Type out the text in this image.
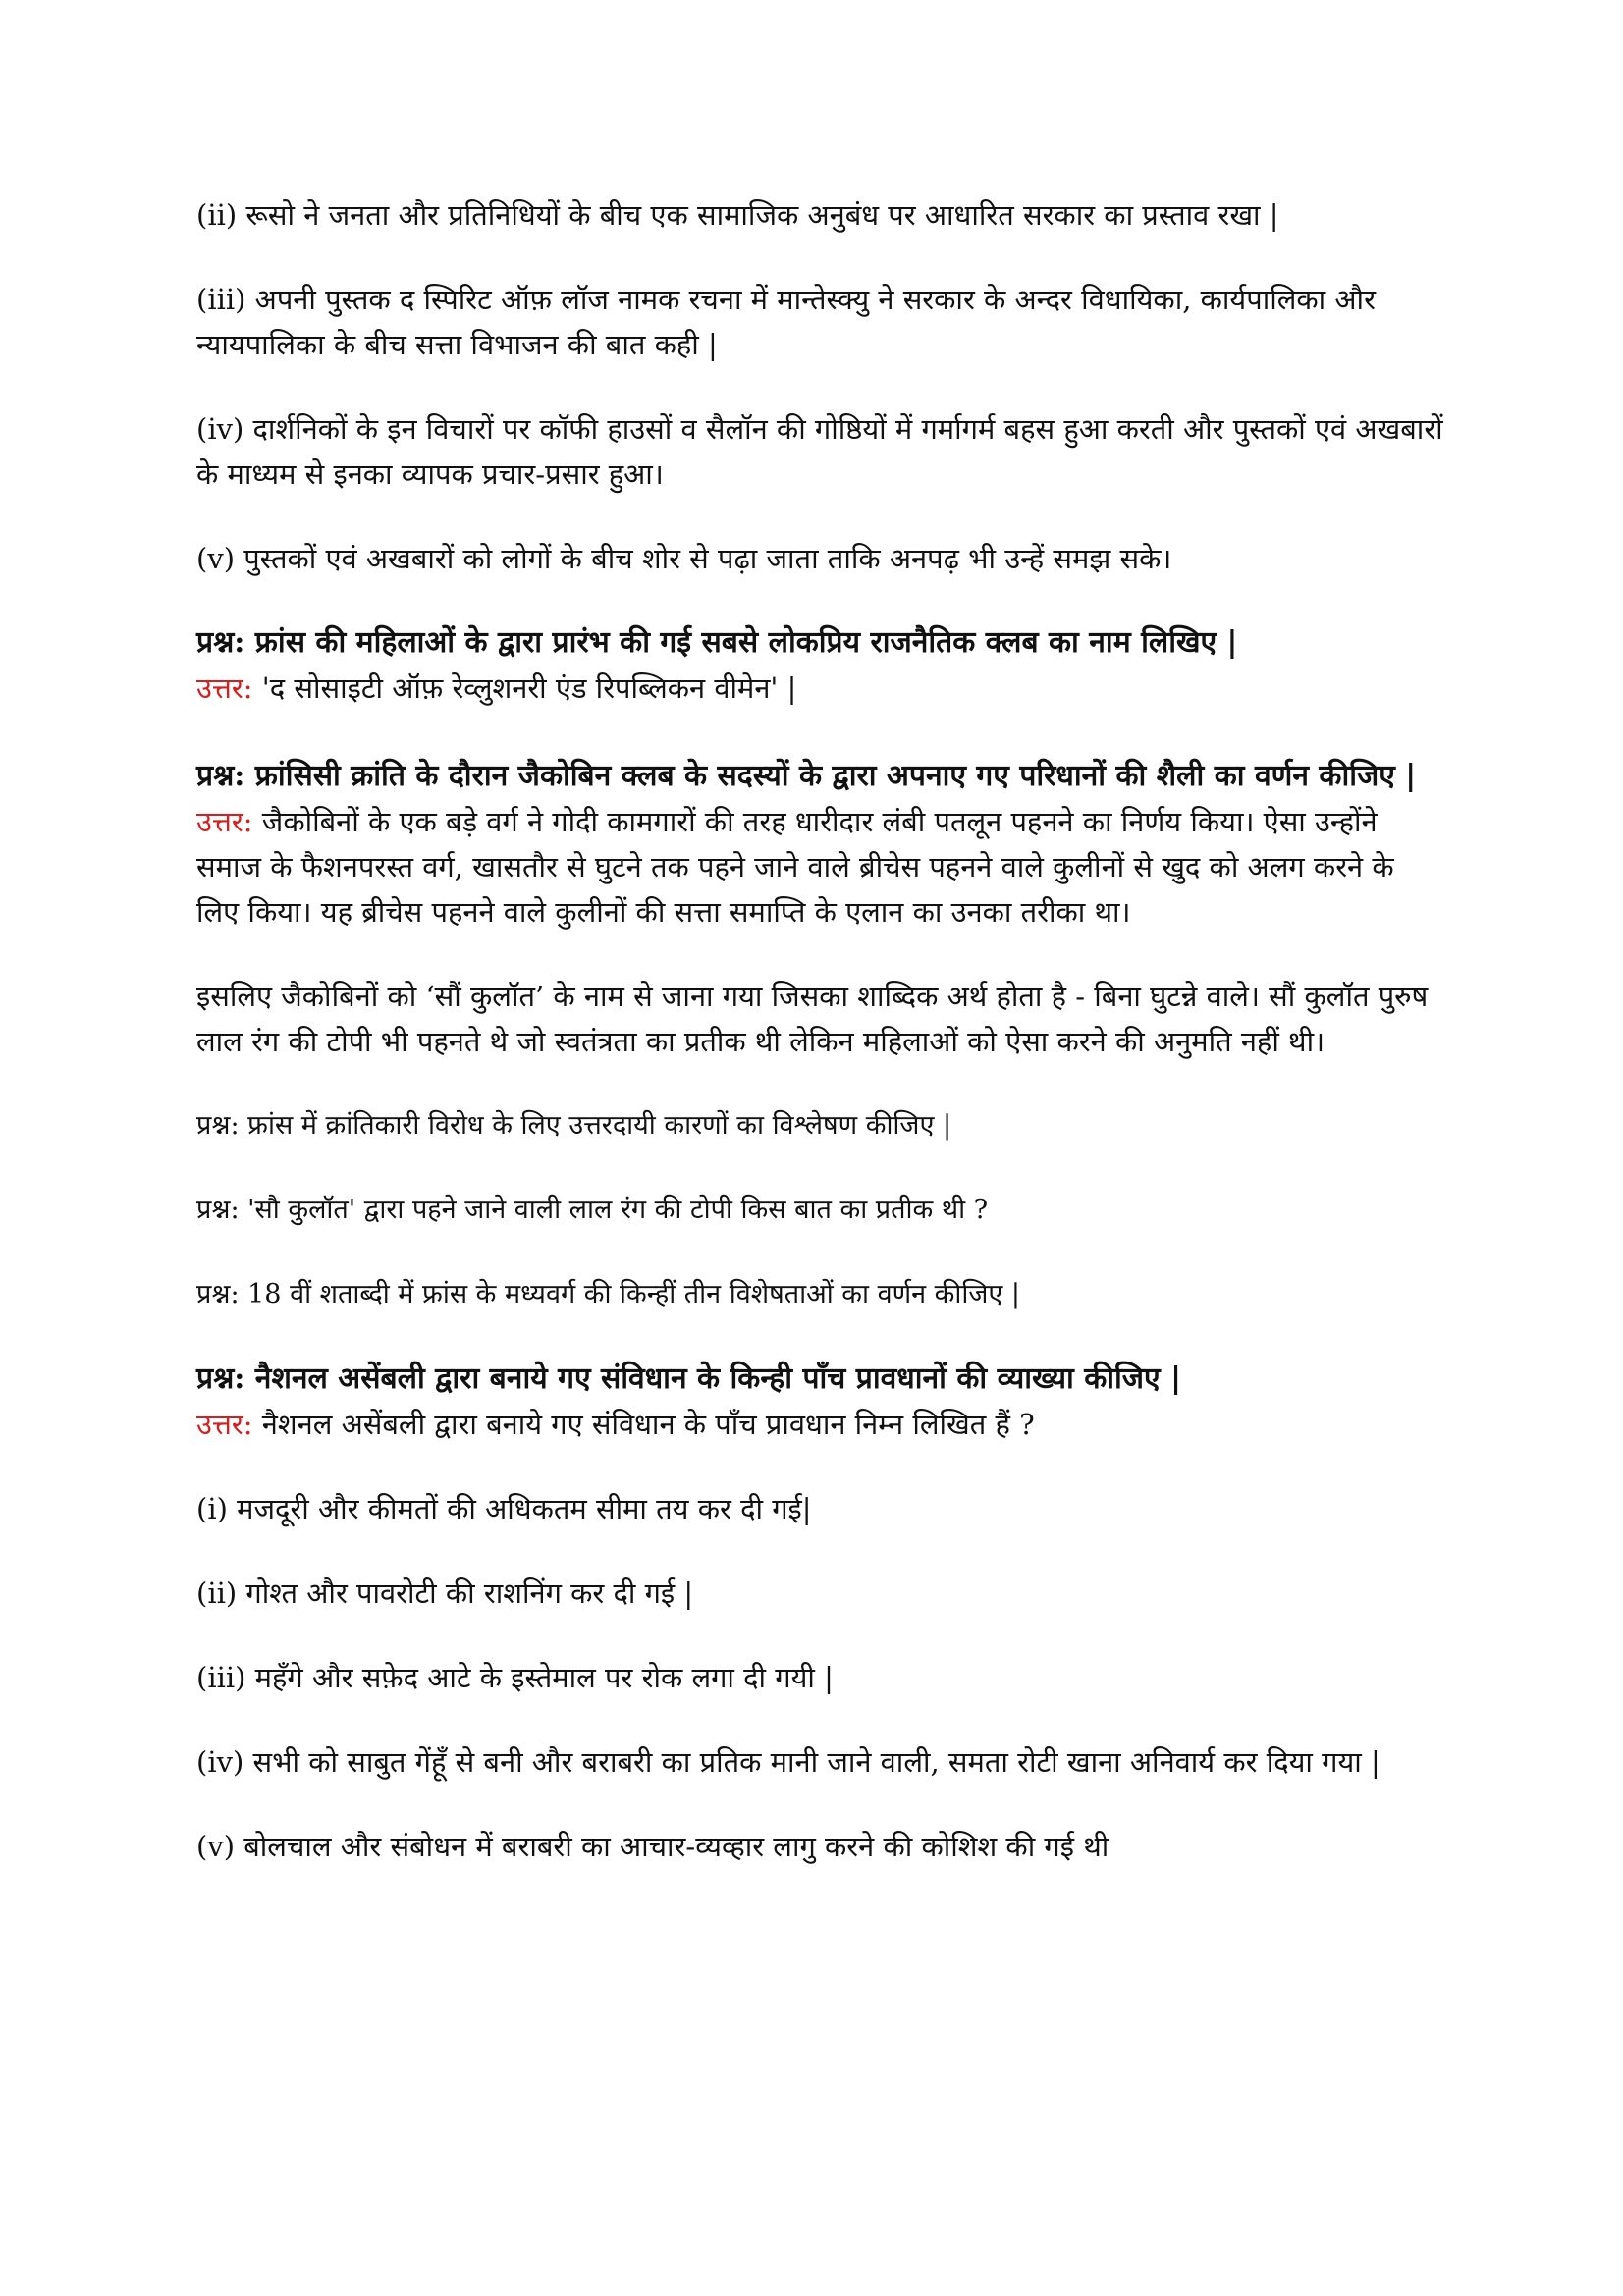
(ii) रूसो ने जनता और प्रतिनिधियों के बीच एक सामाजिक अनुबंध पर आधारित सरकार का प्रस्ताव रखा |

(iii) अपनी पुस्तक द स्पिरिट ऑफ़ लॉज नामक रचना में मान्तेस्क्यु ने सरकार के अन्दर विधायिका, कार्यपालिका और न्यायपालिका के बीच सत्ता विभाजन की बात कही |

(iv) दार्शनिकों के इन विचारों पर कॉफी हाउसों व सैलॉन की गोष्ठियों में गर्मागर्म बहस हुआ करती और पुस्तकों एवं अखबारों के माध्यम से इनका व्यापक प्रचार-प्रसार हुआ।

(v) पुस्तकों एवं अखबारों को लोगों के बीच शोर से पढ़ा जाता ताकि अनपढ़ भी उन्हें समझ सके।

प्रश्न: फ्रांस की महिलाओं के द्वारा प्रारंभ की गई सबसे लोकप्रिय राजनैतिक क्लब का नाम लिखिए |

उत्तर: 'द सोसाइटी ऑफ़ रेव्लुशनरी एंड रिपब्लिकन वीमेन' |

प्रश्न: फ्रांसिसी क्रांति के दौरान जैकोबिन क्लब के सदस्यों के द्वारा अपनाए गए परिधानों की शैली का वर्णन कीजिए |

उत्तर: जैकोबिनों के एक बड़े वर्ग ने गोदी कामगारों की तरह धारीदार लंबी पतलून पहनने का निर्णय किया। ऐसा उन्होंने समाज के फैशनपरस्त वर्ग, खासतौर से घुटने तक पहने जाने वाले ब्रीचेस पहनने वाले कुलीनों से खुद को अलग करने के लिए किया। यह ब्रीचेस पहनने वाले कुलीनों की सत्ता समाप्ति के एलान का उनका तरीका था।

इसलिए जैकोबिनों को ‘सौं कुलॉत’ के नाम से जाना गया जिसका शाब्दिक अर्थ होता है - बिना घुटन्ने वाले। सौं कुलॉत पुरुष लाल रंग की टोपी भी पहनते थे जो स्वतंत्रता का प्रतीक थी लेकिन महिलाओं को ऐसा करने की अनुमति नहीं थी।

प्रश्न: फ्रांस में क्रांतिकारी विरोध के लिए उत्तरदायी कारणों का विश्लेषण कीजिए |

प्रश्न: 'सौ कुलॉत' द्वारा पहने जाने वाली लाल रंग की टोपी किस बात का प्रतीक थी ?

प्रश्न: 18 वीं शताब्दी में फ्रांस के मध्यवर्ग की किन्हीं तीन विशेषताओं का वर्णन कीजिए |

प्रश्न: नैशनल असेंबली द्वारा बनाये गए संविधान के किन्ही पाँच प्रावधानों की व्याख्या कीजिए |

उत्तर: नैशनल असेंबली द्वारा बनाये गए संविधान के पाँच प्रावधान निम्न लिखित हैं ?

(i) मजदूरी और कीमतों की अधिकतम सीमा तय कर दी गई|

(ii) गोश्त और पावरोटी की राशनिंग कर दी गई |

(iii) महँगे और सफ़ेद आटे के इस्तेमाल पर रोक लगा दी गयी |

(iv) सभी को साबुत गेंहूँ से बनी और बराबरी का प्रतिक मानी जाने वाली, समता रोटी खाना अनिवार्य कर दिया गया |

(v) बोलचाल और संबोधन में बराबरी का आचार-व्यव्हार लागु करने की कोशिश की गई थी
